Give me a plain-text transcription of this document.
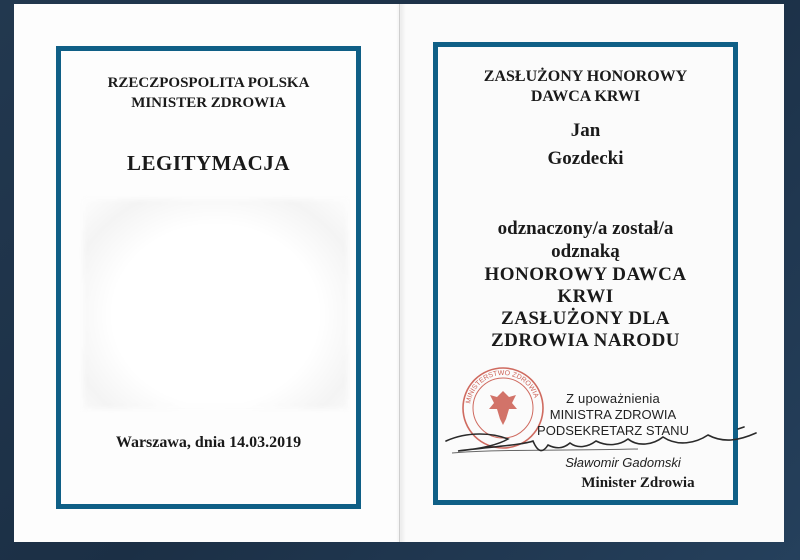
RZECZPOSPOLITA POLSKA
MINISTER ZDROWIA
LEGITYMACJA
Warszawa, dnia 14.03.2019
ZASŁUŻONY HONOROWY
DAWCA KRWI
Jan
Gozdecki
odznaczony/a został/a
odznaką
HONOROWY DAWCA
KRWI
ZASŁUŻONY DLA
ZDROWIA NARODU
MINISTERSTWO ZDROWIA	Z upoważnienia
MINISTRA ZDROWIA
PODSEKRETARZ STANU
Sławomir Gadomski
Minister Zdrowia
